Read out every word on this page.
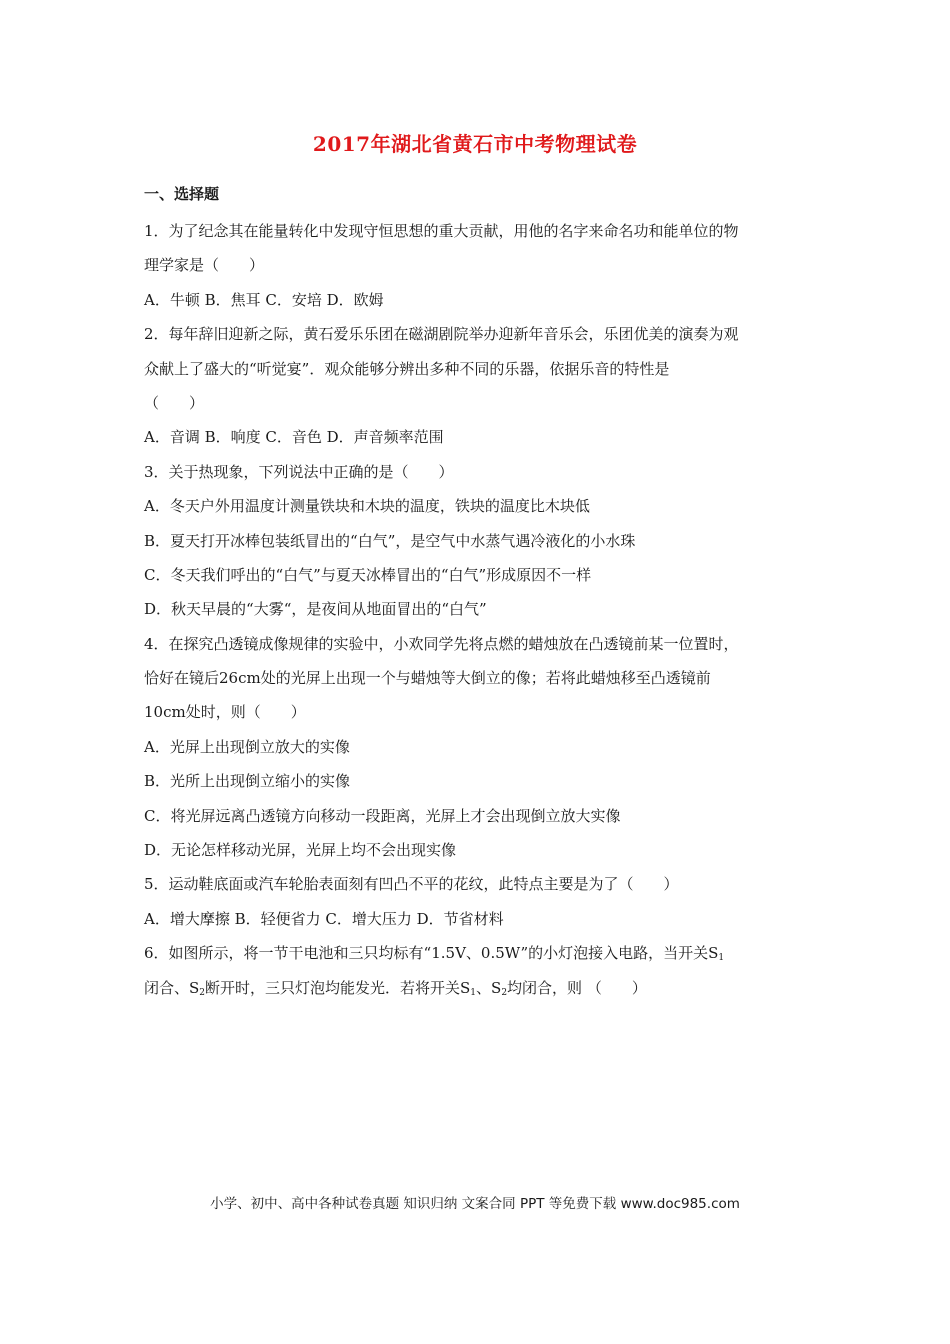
2017年湖北省黄石市中考物理试卷
一、选择题
1．为了纪念其在能量转化中发现守恒思想的重大贡献，用他的名字来命名功和能单位的物
理学家是（　　）
A．牛顿 B．焦耳 C．安培 D．欧姆
2．每年辞旧迎新之际，黄石爱乐乐团在磁湖剧院举办迎新年音乐会，乐团优美的演奏为观
众献上了盛大的“听觉宴”．观众能够分辨出多种不同的乐器，依据乐音的特性是
（　　）
A．音调 B．响度 C．音色 D．声音频率范围
3．关于热现象，下列说法中正确的是（　　）
A．冬天户外用温度计测量铁块和木块的温度，铁块的温度比木块低
B．夏天打开冰棒包装纸冒出的“白气”，是空气中水蒸气遇冷液化的小水珠
C．冬天我们呼出的“白气”与夏天冰棒冒出的“白气”形成原因不一样
D．秋天早晨的“大雾“，是夜间从地面冒出的“白气”
4．在探究凸透镜成像规律的实验中，小欢同学先将点燃的蜡烛放在凸透镜前某一位置时，
恰好在镜后26cm处的光屏上出现一个与蜡烛等大倒立的像；若将此蜡烛移至凸透镜前
10cm处时，则（　　）
A．光屏上出现倒立放大的实像
B．光所上出现倒立缩小的实像
C．将光屏远离凸透镜方向移动一段距离，光屏上才会出现倒立放大实像
D．无论怎样移动光屏，光屏上均不会出现实像
5．运动鞋底面或汽车轮胎表面刻有凹凸不平的花纹，此特点主要是为了（　　）
A．增大摩擦 B．轻便省力 C．增大压力 D．节省材料
6．如图所示，将一节干电池和三只均标有“1.5V、0.5W”的小灯泡接入电路，当开关$S_1$
闭合、$S_2$断开时，三只灯泡均能发光．若将开关$S_1$、$S_2$均闭合，则 （　　）
小学、初中、高中各种试卷真题 知识归纳 文案合同 PPT 等免费下载 www.doc985.com
